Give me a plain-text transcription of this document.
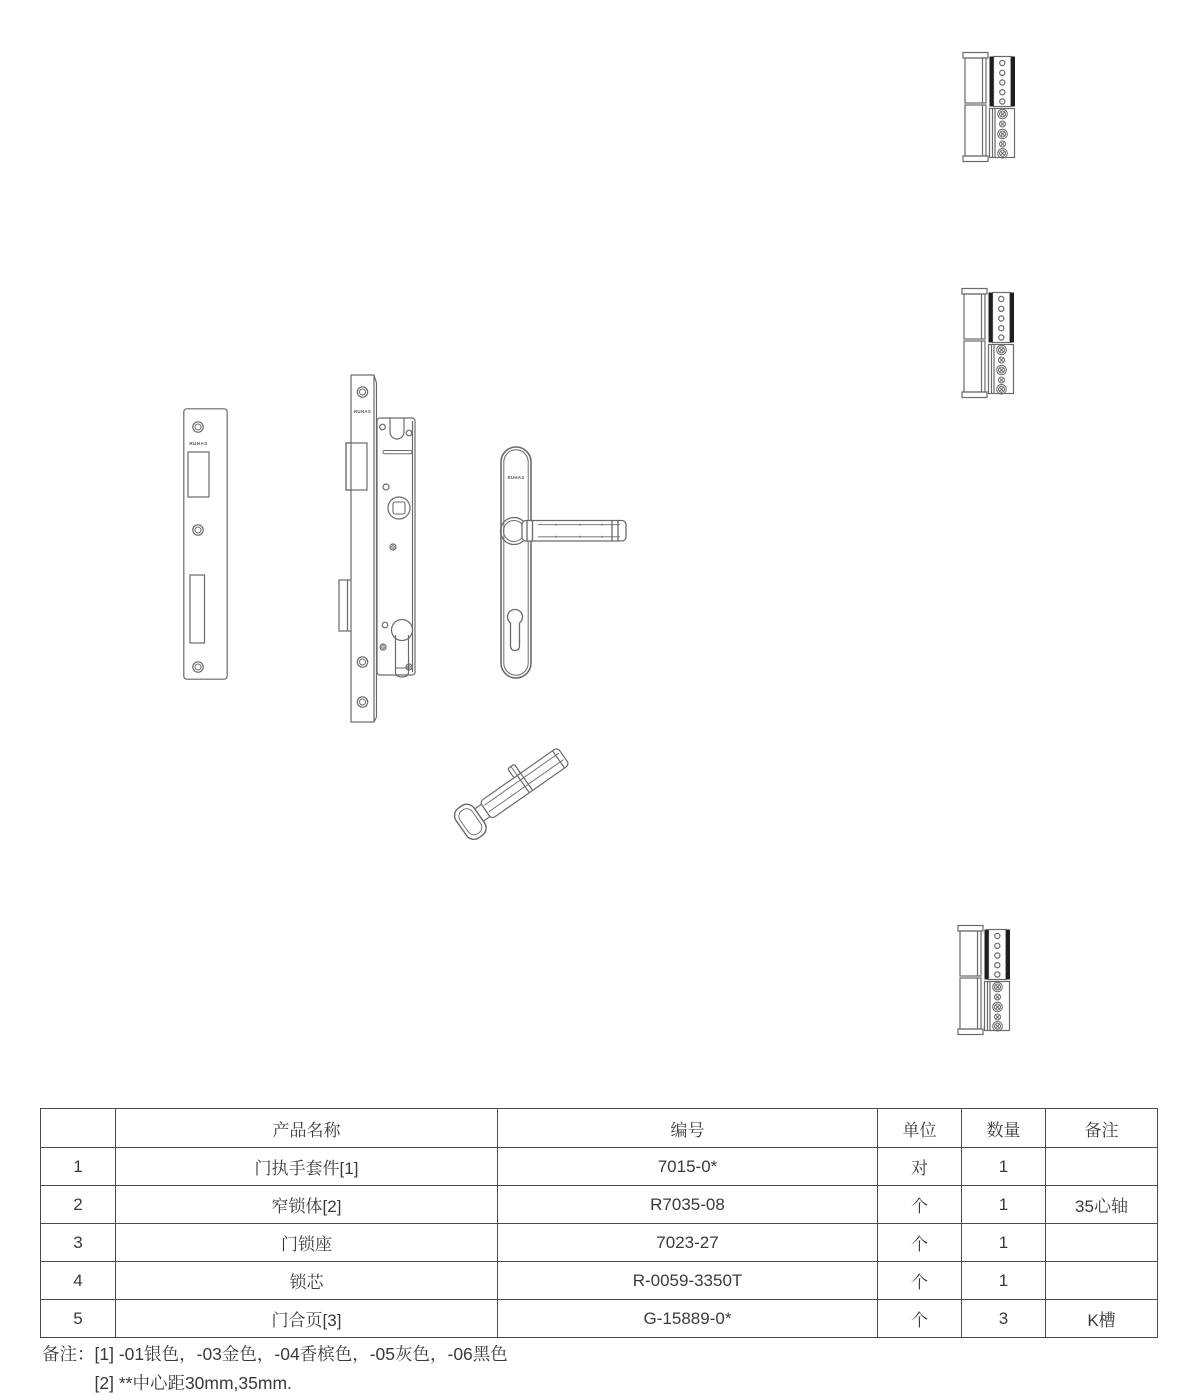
RUHAS
RUHAS
RUHAS
	产品名称	编号	单位	数量	备注
1	门执手套件[1]	7015-0*	对	1	
2	窄锁体[2]	R7035-08	个	1	35心轴
3	门锁座	7023-27	个	1	
4	锁芯	R-0059-3350T	个	1	
5	门合页[3]	G-15889-0*	个	3	K槽
备注： [1] -01银色，-03金色，-04香槟色，-05灰色，-06黑色
[2] **中心距30mm,35mm.
